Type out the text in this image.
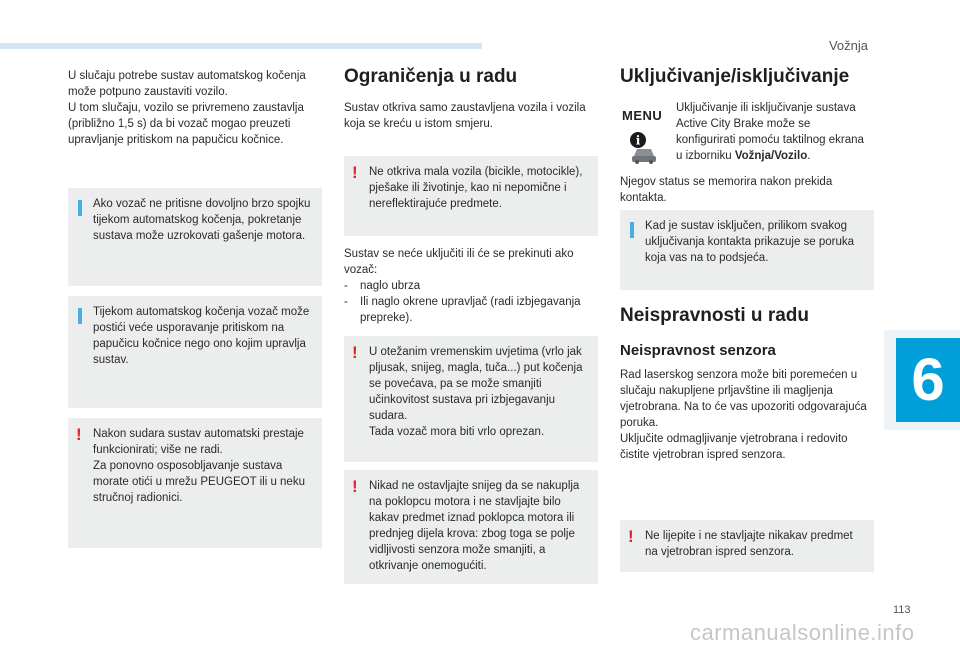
Vožnja
6

U slučaju potrebe sustav automatskog kočenja može potpuno zaustaviti vozilo.
U tom slučaju, vozilo se privremeno zaustavlja (približno 1,5 s) da bi vozač mogao preuzeti upravljanje pritiskom na papučicu kočnice.

Ako vozač ne pritisne dovoljno brzo spojku tijekom automatskog kočenja, pokretanje sustava može uzrokovati gašenje motora.
Tijekom automatskog kočenja vozač može postići veće usporavanje pritiskom na papučicu kočnice nego ono kojim upravlja sustav.
! Nakon sudara sustav automatski prestaje funkcionirati; više ne radi.
Za ponovno osposobljavanje sustava morate otići u mrežu PEUGEOT ili u neku stručnoj radionici.
Ograničenja u radu

Sustav otkriva samo zaustavljena vozila i vozila koja se kreću u istom smjeru.

! Ne otkriva mala vozila (bicikle, motocikle), pješake ili životinje, kao ni nepomične i nereflektirajuće predmete.

Sustav se neće uključiti ili će se prekinuti ako vozač:

- naglo ubrza
- Ili naglo okrene upravljač (radi izbjegavanja prepreke).
! U otežanim vremenskim uvjetima (vrlo jak pljusak, snijeg, magla, tuča...) put kočenja se povećava, pa se može smanjiti učinkovitost sustava pri izbjegavanju sudara.
Tada vozač mora biti vrlo oprezan.
! Nikad ne ostavljajte snijeg da se nakuplja na poklopcu motora i ne stavljajte bilo kakav predmet iznad poklopca motora ili prednjeg dijela krova: zbog toga se polje vidljivosti senzora može smanjiti, a otkrivanje onemogućiti.
Uključivanje/isključivanje
MENU
i

Uključivanje ili isključivanje sustava Active City Brake može se konfigurirati pomoću taktilnog ekrana u izborniku Vožnja/Vozilo.

Njegov status se memorira nakon prekida kontakta.

Kad je sustav isključen, prilikom svakog uključivanja kontakta prikazuje se poruka koja vas na to podsjeća.
Neispravnosti u radu
Neispravnost senzora

Rad laserskog senzora može biti poremećen u slučaju nakupljene prljavštine ili magljenja vjetrobrana. Na to će vas upozoriti odgovarajuća poruka.
Uključite odmagljivanje vjetrobrana i redovito čistite vjetrobran ispred senzora.

! Ne lijepite i ne stavljajte nikakav predmet na vjetrobran ispred senzora.
113
carmanualsonline.info
